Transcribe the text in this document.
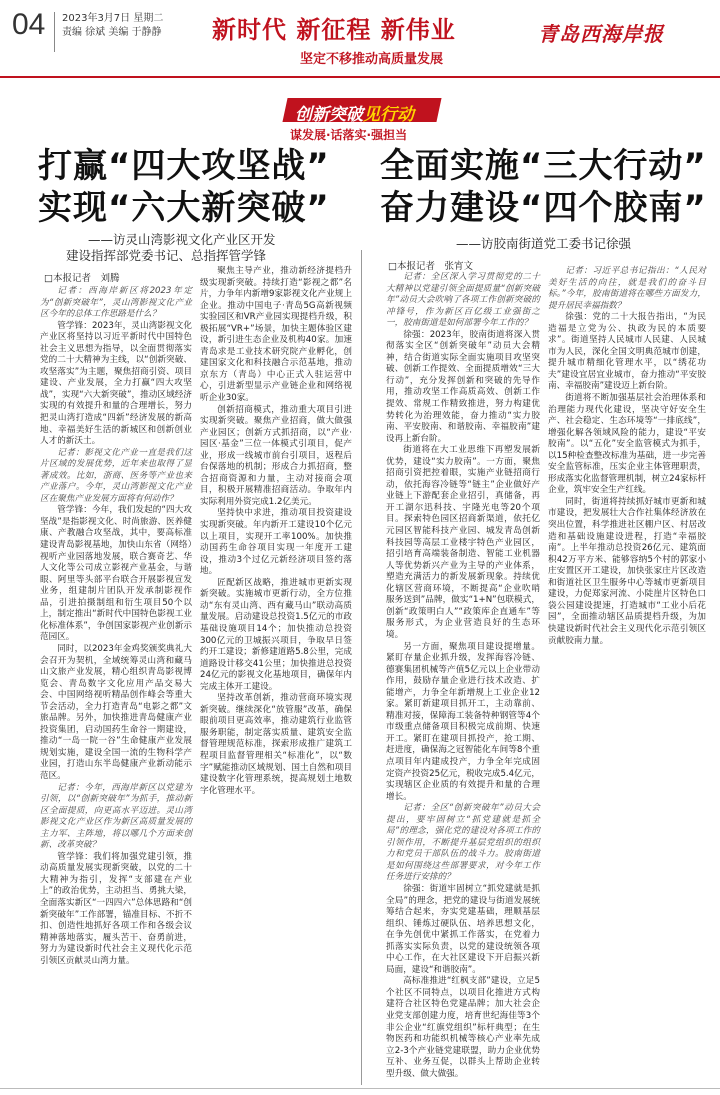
04 2023年3月7日 星期二
责编 徐斌 美编 于静静 新时代 新征程 新伟业
坚定不移推动高质量发展
青岛西海岸报
创新突破见行动
谋发展·话落实·强担当
打赢“四大攻坚战”
实现“六大新突破”
——访灵山湾影视文化产业区开发
建设指挥部党委书记、总指挥管学锋
□本报记者　刘腾

记者：西海岸新区将2023年定为“创新突破年”，灵山湾影视文化产业区今年的总体工作思路是什么？

管学锋：2023年，灵山湾影视文化产业区将坚持以习近平新时代中国特色社会主义思想为指导，以全面贯彻落实党的二十大精神为主线，以“创新突破、攻坚落实”为主题，聚焦招商引资、项目建设、产业发展，全力打赢“四大攻坚战”，实现“六大新突破”，推动区域经济实现的有效提升和量的合理增长，努力把灵山湾打造成“四新”经济发展的新高地、幸福美好生活的新城区和创新创业人才的新沃土。

记者：影视文化产业一直是我们这片区域的发展优势，近年来也取得了显著成效。比如，浙商、医务等产业也来产业落户。今年，灵山湾影视文化产业区在聚焦产业发展方面将有何动作？

管学锋：今年，我们发起的“四大攻坚战”是指影视文化、时尚旅游、医养健康、产教融合攻坚战，其中，要高标准建设青岛影视基地，加快山东省（网络）视听产业园落地发展，联合赛奇艺、华人文化等公司成立影视产业基金，与谐眼、阿里等头部平台联合开展影视宣发业务，组建制片团队开发承制影视作品，引进拍摄制组和衍生项目50个以上，制定推出“新时代中国特色影视工业化标准体系”，争创国家影视产业创新示范园区。

同时，以2023年金鸡奖颁奖典礼大会召开为契机，全域统筹灵山湾和藏马山文旅产业发展，精心组织青岛影视博览会、青岛数字文化应用产品交易大会、中国网络视听精品创作峰会等重大节会活动，全力打造青岛“电影之都”文旅品牌。另外，加快推进青岛健康产业投资集团，启动国药生命谷一期建设，推动“一岛一院一谷”生命健康产业发展规划实施，建设全国一流的生物科学产业园，打造山东半岛健康产业新动能示范区。

记者：今年，西海岸新区以党建为引领，以“创新突破年”为抓手，推动新区全面提质，向更高水平迈进。灵山湾影视文化产业区作为新区高质量发展的主力军、主阵地，将以哪几个方面来创新、改革突破？

管学锋：我们将加强党建引领，推动高质量发展实现新突破，以党的二十大精神为指引，发挥“支部建在产业上”的政治优势，主动担当、勇挑大梁，全面落实新区“一四四六”总体思路和“创新突破年”工作部署，锚准目标、不折不扣、创造性地抓好各项工作和各级会议精神落地落实，履头苦干、奋勇前进，努力为建设新时代社会主义现代化示范引领区贡献灵山湾力量。

聚焦主导产业，推动新经济提档升级实现新突破。持续打造“影视之都”名片，力争年内新增9家影视文化产业规上企业。推动中国电子·青岛5G高新视频实验园区和VR产业园实现提档升级，积极拓展“VR+”场景，加快主题体验区建设，新引进生态企业及机构40家。加速青岛求是工业技术研究院产业孵化，创建国家文化和科技融合示范基地，推动京东方（青岛）中心正式入驻运营中心，引进新型显示产业链企业和网络视听企业30家。

创新招商模式，推动重大项目引进实现新突破。聚焦产业招商，做大做强产业园区；创新方式抓招商，以“产业·园区·基金”三位一体模式引项目，促产业，形成一线城市前台引项目，返程后台保落地的机制；形成合力抓招商，整合招商资源和力量，主动对接商会项目，积极开展精准招商活动。争取年内实际利用外资完成1.2亿美元。

坚持快中求进，推动项目投资建设实现新突破。年内新开工建设10个亿元以上项目，实现开工率100%。加快推动国药生命谷项目实现一年度开工建设，推动3个过亿元新经济项目签约落地。

匠配新区战略，推进城市更新实现新突破。实施城市更新行动，全方位推动“东有灵山湾、西有藏马山”联动高质量发展。启动建设总投资1.5亿元的市政基础设施项目14个；加快推动总投资300亿元的卫城振兴项目，争取早日签约开工建设；新修建道路5.8公里，完成道路设计移交41公里；加快推进总投资24亿元的影视文化基地项目，确保年内完成主体开工建设。

坚持改革创新，推动营商环境实现新突破。继续深化“放管服”改革，确保眼前项目更高效率，推动建筑行业监管服务职能，制定落实质量、建筑安全监督管理规范标准，探索形成推广建筑工程项目监督管理相关“标准化”，以“数字”赋能推动区域规划、国土自然和项目建设数字化管理系统，提高规划土地数字化管理水平。

全面实施“三大行动”
奋力建设“四个胶南”
——访胶南街道党工委书记徐强
□本报记者　张宵文

记者：全区深入学习贯彻党的二十大精神以党建引领全面提质量“创新突破年”动员大会吹响了各项工作创新突破的冲锋号，作为新区百亿级工业强街之一，胶南街道是如何部署今年工作的？

徐强：2023年，胶南街道将深入贯彻落实全区“创新突破年”动员大会精神，结合街道实际全面实施项目攻坚突破、创新工作提效、全面提质增效“三大行动”，充分发挥创新和突破的先导作用，推动攻坚工作高质高效、创新工作提效、常规工作精致推进，努力构建优势转化为治理效能，奋力推动“实力胶南、平安胶南、和谐胶南、幸福胶南”建设再上新台阶。

街道将在大工业思维下再塑发展新优势，建设“实力胶南”。一方面，聚焦招商引资把控着眼，实施产业链招商行动，依托海容冷链等“链主”企业做好产业链上下游配套企业招引，真储备，再开工湖尔迅科技、宇隆光电等20个项目。探索特色园区招商新渠道，依托亿元园区智能科技产业园、城发青岛创新科技园等高层工业楼宇特色产业园区，招引培育高端装备制造、智能工业机器人等优势新兴产业为主导的产业体系，塑造充满活力的新发展新现象。持续优化辖区营商环境，不断提高“企业吹哨　服务送到”品牌，做实“1+N”包联模式，创新“政策明白人”“政策库企直通车”等服务形式，为企业营造良好的生态环境。

另一方面，聚焦项目建设提增量。紧盯存量企业抓升级，发挥海容冷链、德赛集团机械等产值5亿元以上企业带动作用，鼓励存量企业进行技术改造、扩能增产，力争全年新增规上工业企业12家。紧盯新建项目抓开工，主动靠前、精准对接，保障海工装备特种钢管等4个市级重点储备项目积极完成前期、快速开工。紧盯在建项目抓投产，抢工期、赶进度，确保海之冠智能化车间等8个重点项目年内建成投产，力争全年完成固定资产投资25亿元，税收完成5.4亿元，实现辖区企业质的有效提升和量的合理增长。

记者：全区“创新突破年”动员大会提出，要牢固树立“抓党建就是抓全局”的理念，强化党的建设对各项工作的引领作用，不断提升基层党组织的组织力和党员干部队伍的战斗力。胶南街道是如何围绕这些部署要求，对今年工作任务进行安排的？

徐强：街道牢固树立“抓党建就是抓全局”的理念，把党的建设与街道发展统筹结合起来，夯实党建基础，理顺基层组织、锤炼过硬队伍、培养思想文化，在争先创优中紧抓工作落实，在党着力抓落实实际负责，以党的建设统领各项中心工作，在大社区建设下开启振兴新局面，建设“和谐胶南”。

高标准推进“红枫支部”建设，立足5个社区不同特点，以项目化推进方式构建符合社区特色党建品牌；加大社会企业党支部创建力度，培育世纪海佳等3个非公企业“红旗党组织”标杆典型；在生物医药和功能织机械等核心产业率先成立2-3个产业链党建联盟，助力企业优势互补、业务互促，以群头上帮助企业转型升级、做大做强。

记者：习近平总书记指出：“人民对美好生活的向往，就是我们的奋斗目标。”今年，胶南街道将在哪些方面发力，提升居民幸福指数？

徐强：党的二十大报告指出，“为民造福是立党为公、执政为民的本质要求”。街道坚持人民城市人民建、人民城市为人民，深化全国文明典范城市创建，提升城市精细化管理水平，以“绣花功夫”建设宜居宜业城市，奋力推动“平安胶南、幸福胶南”建设迈上新台阶。

街道将不断加强基层社会治理体系和治理能力现代化建设，坚决守好安全生产、社会稳定、生态环境等“一排底线”，增强化解各领域风险的能力，建设“平安胶南”。以“五化”安全监管模式为抓手，以15种检查整改标准为基础，进一步完善安全监管标准，压实企业主体管理职责，形成落实化监督管理机制，树立24家标杆企业，筑牢安全生产红线。

同时，街道将持续抓好城市更新和城市建设，把发展壮大合作社集体经济放在突出位置，科学推进社区棚户区、村居改造和基础设施建设进程，打造“幸福胶南”。上半年推动总投资26亿元、建筑面积42万平方米、能够容纳5个村的郭家小庄安置区开工建设，加快张家庄片区改造和街道社区卫生服务中心等城市更新项目建设，力促郑家河流、小陡崖片区特色口袋公园建设提速，打造城市“工业小后花园”，全面推动辖区品质提档升级，为加快建设新时代社会主义现代化示范引领区贡献胶南力量。
